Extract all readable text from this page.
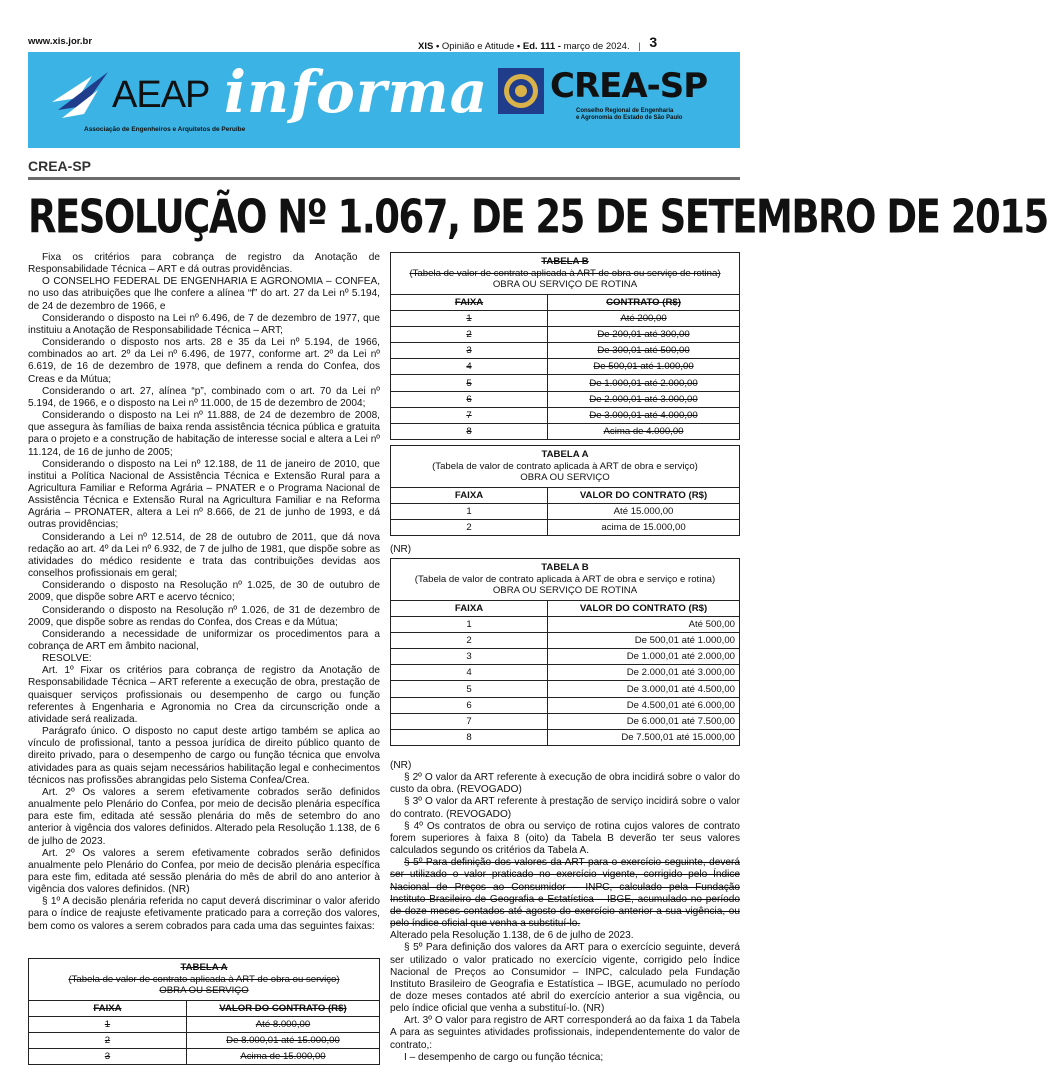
www.xis.jor.br	XIS • Opinião e Atitude • Ed. 111 - março de 2024. | 3
AEAP
Associação de Engenheiros e Arquitetos de Peruíbe
informa CREA-SP
Conselho Regional de Engenharia
e Agronomia do Estado de São Paulo
CREA-SP
RESOLUÇÃO Nº 1.067, DE 25 DE SETEMBRO DE 2015

Fixa os critérios para cobrança de registro da Anotação de Responsabilidade Técnica – ART e dá outras providências.

O CONSELHO FEDERAL DE ENGENHARIA E AGRONOMIA – CONFEA, no uso das atribuições que lhe confere a alínea “f” do art. 27 da Lei nº 5.194, de 24 de dezembro de 1966, e

Considerando o disposto na Lei nº 6.496, de 7 de dezembro de 1977, que instituiu a Anotação de Responsabilidade Técnica – ART;

Considerando o disposto nos arts. 28 e 35 da Lei nº 5.194, de 1966, combinados ao art. 2º da Lei nº 6.496, de 1977, conforme art. 2º da Lei nº 6.619, de 16 de dezembro de 1978, que definem a renda do Confea, dos Creas e da Mútua;

Considerando o art. 27, alínea “p”, combinado com o art. 70 da Lei nº 5.194, de 1966, e o disposto na Lei nº 11.000, de 15 de dezembro de 2004;

Considerando o disposto na Lei nº 11.888, de 24 de dezembro de 2008, que assegura às famílias de baixa renda assistência técnica pública e gratuita para o projeto e a construção de habitação de interesse social e altera a Lei nº 11.124, de 16 de junho de 2005;

Considerando o disposto na Lei nº 12.188, de 11 de janeiro de 2010, que institui a Política Nacional de Assistência Técnica e Extensão Rural para a Agricultura Familiar e Reforma Agrária – PNATER e o Programa Nacional de Assistência Técnica e Extensão Rural na Agricultura Familiar e na Reforma Agrária – PRONATER, altera a Lei nº 8.666, de 21 de junho de 1993, e dá outras providências;

Considerando a Lei nº 12.514, de 28 de outubro de 2011, que dá nova redação ao art. 4º da Lei nº 6.932, de 7 de julho de 1981, que dispõe sobre as atividades do médico residente e trata das contribuições devidas aos conselhos profissionais em geral;

Considerando o disposto na Resolução nº 1.025, de 30 de outubro de 2009, que dispõe sobre ART e acervo técnico;

Considerando o disposto na Resolução nº 1.026, de 31 de dezembro de 2009, que dispõe sobre as rendas do Confea, dos Creas e da Mútua;

Considerando a necessidade de uniformizar os procedimentos para a cobrança de ART em âmbito nacional,

RESOLVE:

Art. 1º Fixar os critérios para cobrança de registro da Anotação de Responsabilidade Técnica – ART referente a execução de obra, prestação de quaisquer serviços profissionais ou desempenho de cargo ou função referentes à Engenharia e Agronomia no Crea da circunscrição onde a atividade será realizada.

Parágrafo único. O disposto no caput deste artigo também se aplica ao vínculo de profissional, tanto a pessoa jurídica de direito público quanto de direito privado, para o desempenho de cargo ou função técnica que envolva atividades para as quais sejam necessários habilitação legal e conhecimentos técnicos nas profissões abrangidas pelo Sistema Confea/Crea.

Art. 2º Os valores a serem efetivamente cobrados serão definidos anualmente pelo Plenário do Confea, por meio de decisão plenária específica para este fim, editada até sessão plenária do mês de setembro do ano anterior à vigência dos valores definidos. Alterado pela Resolução 1.138, de 6 de julho de 2023.

Art. 2º Os valores a serem efetivamente cobrados serão definidos anualmente pelo Plenário do Confea, por meio de decisão plenária específica para este fim, editada até sessão plenária do mês de abril do ano anterior à vigência dos valores definidos. (NR)

§ 1º A decisão plenária referida no caput deverá discriminar o valor aferido para o índice de reajuste efetivamente praticado para a correção dos valores, bem como os valores a serem cobrados para cada uma das seguintes faixas:

TABELA A
(Tabela de valor de contrato aplicada à ART de obra ou serviço)
OBRA OU SERVIÇO	

FAIXA	VALOR DO CONTRATO (R$)
1	Até 8.000,00
2	De 8.000,01 até 15.000,00
3	Acima de 15.000,00
TABELA B
(Tabela de valor de contrato aplicada à ART de obra ou serviço de rotina)
OBRA OU SERVIÇO DE ROTINA	

FAIXA	CONTRATO (R$)
1	Até 200,00
2	De 200,01 até 300,00
3	De 300,01 até 500,00
4	De 500,01 até 1.000,00
5	De 1.000,01 até 2.000,00
6	De 2.000,01 até 3.000,00
7	De 3.000,01 até 4.000,00
8	Acima de 4.000,00
TABELA A
(Tabela de valor de contrato aplicada à ART de obra e serviço)
OBRA OU SERVIÇO	

FAIXA	VALOR DO CONTRATO (R$)
1	Até 15.000,00
2	acima de 15.000,00
(NR)
TABELA B
(Tabela de valor de contrato aplicada à ART de obra e serviço e rotina)
OBRA OU SERVIÇO DE ROTINA	

FAIXA	VALOR DO CONTRATO (R$)
1	Até 500,00
2	De 500,01 até 1.000,00
3	De 1.000,01 até 2.000,00
4	De 2.000,01 até 3.000,00
5	De 3.000,01 até 4.500,00
6	De 4.500,01 até 6.000,00
7	De 6.000,01 até 7.500,00
8	De 7.500,01 até 15.000,00

(NR)

§ 2º O valor da ART referente à execução de obra incidirá sobre o valor do custo da obra. (REVOGADO)

§ 3º O valor da ART referente à prestação de serviço incidirá sobre o valor do contrato. (REVOGADO)

§ 4º Os contratos de obra ou serviço de rotina cujos valores de contrato forem superiores à faixa 8 (oito) da Tabela B deverão ter seus valores calculados segundo os critérios da Tabela A.

§ 5º Para definição dos valores da ART para o exercício seguinte, deverá ser utilizado o valor praticado no exercício vigente, corrigido pelo Índice Nacional de Preços ao Consumidor – INPC, calculado pela Fundação Instituto Brasileiro de Geografia e Estatística – IBGE, acumulado no período de doze meses contados até agosto do exercício anterior a sua vigência, ou pelo índice oficial que venha a substituí-lo.

Alterado pela Resolução 1.138, de 6 de julho de 2023.

§ 5º Para definição dos valores da ART para o exercício seguinte, deverá ser utilizado o valor praticado no exercício vigente, corrigido pelo Índice Nacional de Preços ao Consumidor – INPC, calculado pela Fundação Instituto Brasileiro de Geografia e Estatística – IBGE, acumulado no período de doze meses contados até abril do exercício anterior a sua vigência, ou pelo índice oficial que venha a substituí-lo. (NR)

Art. 3º O valor para registro de ART corresponderá ao da faixa 1 da Tabela A para as seguintes atividades profissionais, independentemente do valor de contrato,:

I – desempenho de cargo ou função técnica;
